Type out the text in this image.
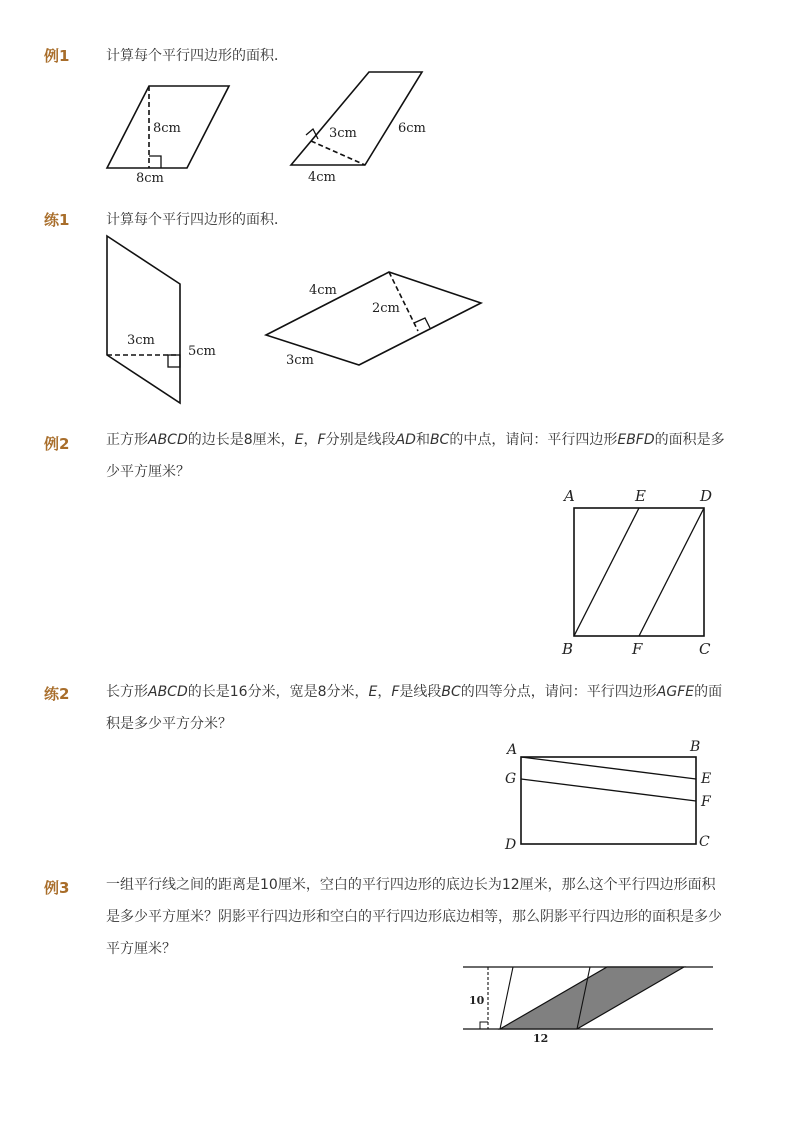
例1	计算每个平行四边形的面积．
8cm
8cm
3cm	6cm
4cm
练1	计算每个平行四边形的面积．
3cm
5cm
4cm
2cm
3cm
例2	正方形ABCD的边长是8厘米，E，F分别是线段AD和BC的中点，请问：平行四边形EBFD的面积是多少平方厘米？
A	E	D
B	F	C
练2	长方形ABCD的长是16分米，宽是8分米，E，F是线段BC的四等分点，请问：平行四边形AGFE的面积是多少平方分米？
A	B
G	E
F
D	C
例3	一组平行线之间的距离是10厘米，空白的平行四边形的底边长为12厘米，那么这个平行四边形面积是多少平方厘米？阴影平行四边形和空白的平行四边形底边相等，那么阴影平行四边形的面积是多少平方厘米？
10
12
